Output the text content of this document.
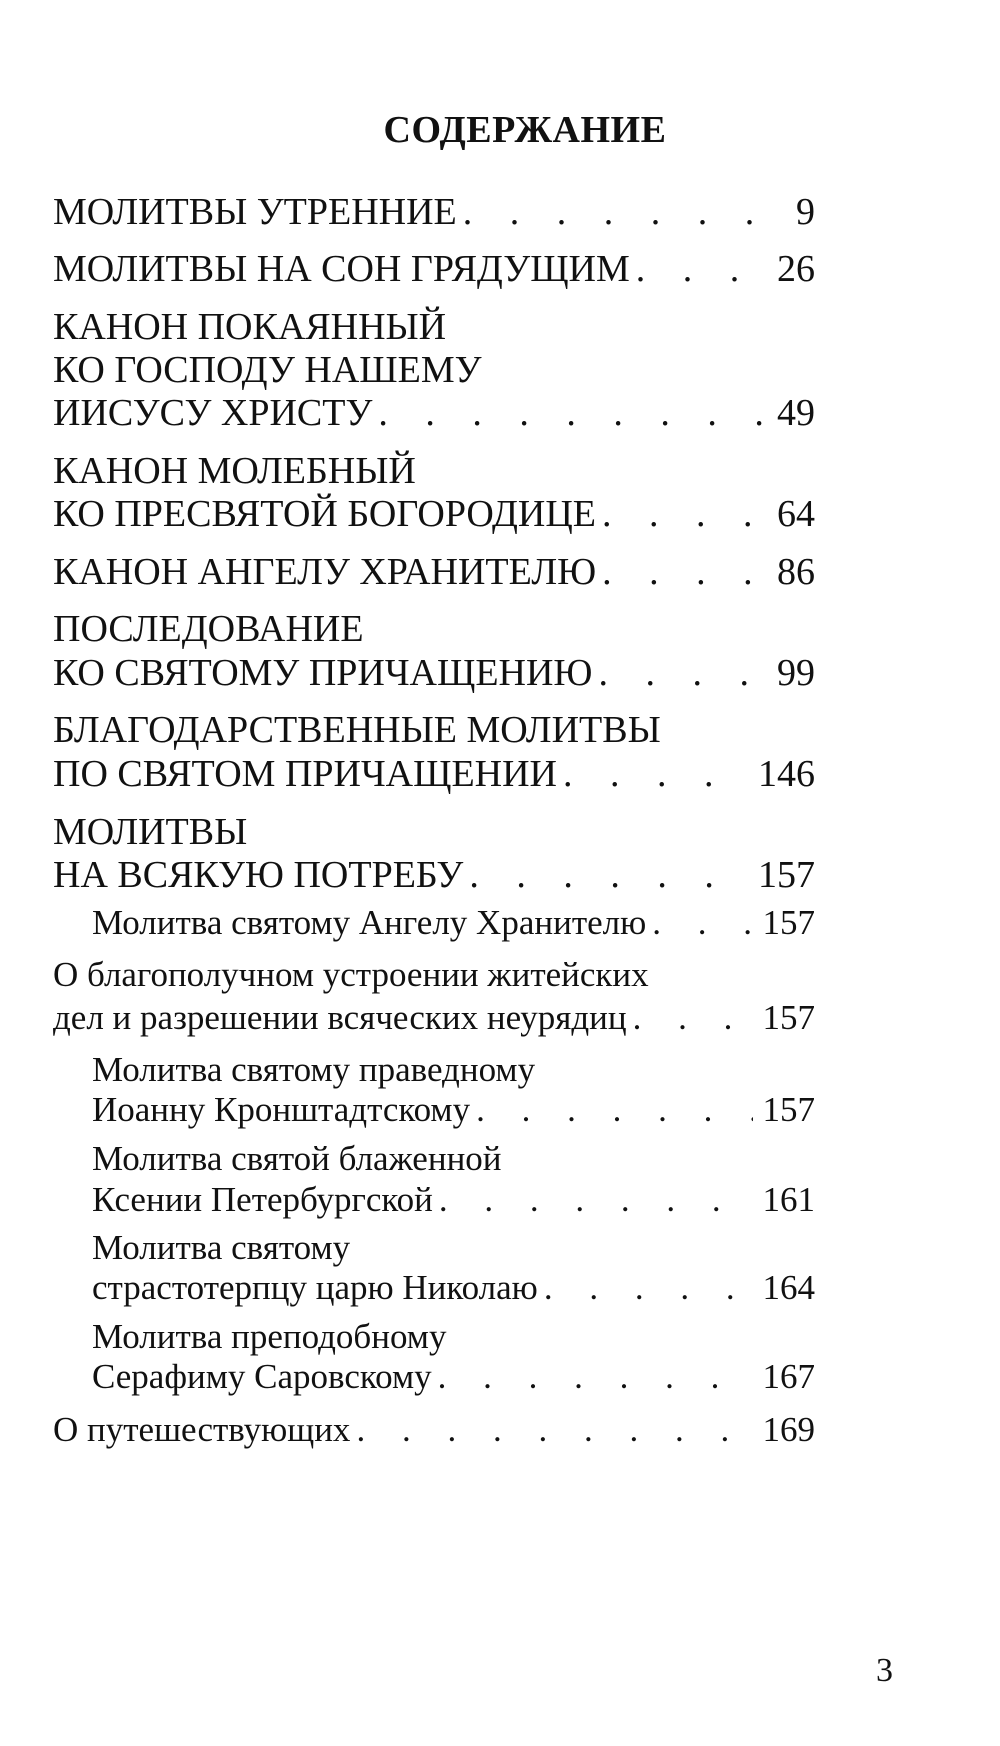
СОДЕРЖАНИЕ
МОЛИТВЫ УТРЕННИЕ . . .	9
МОЛИТВЫ НА СОН ГРЯДУЩИМ . . .	26
КАНОН ПОКАЯННЫЙ
КО ГОСПОДУ НАШЕМУ
ИИСУСУ ХРИСТУ . . .	49
КАНОН МОЛЕБНЫЙ
КО ПРЕСВЯТОЙ БОГОРОДИЦЕ . . .	64
КАНОН АНГЕЛУ ХРАНИТЕЛЮ . . .	86
ПОСЛЕДОВАНИЕ
КО СВЯТОМУ ПРИЧАЩЕНИЮ . . .	99
БЛАГОДАРСТВЕННЫЕ МОЛИТВЫ
ПО СВЯТОМ ПРИЧАЩЕНИИ . . .	146
МОЛИТВЫ
НА ВСЯКУЮ ПОТРЕБУ . . .	157
Молитва святому Ангелу Хранителю . . .	157
О благополучном устроении житейских
дел и разрешении всяческих неурядиц . . .	157
Молитва святому праведному
Иоанну Кронштадтскому . . .	157
Молитва святой блаженной
Ксении Петербургской . . .	161
Молитва святому
страстотерпцу царю Николаю . . .	164
Молитва преподобному
Серафиму Саровскому . . .	167
О путешествующих . . .	169
3
